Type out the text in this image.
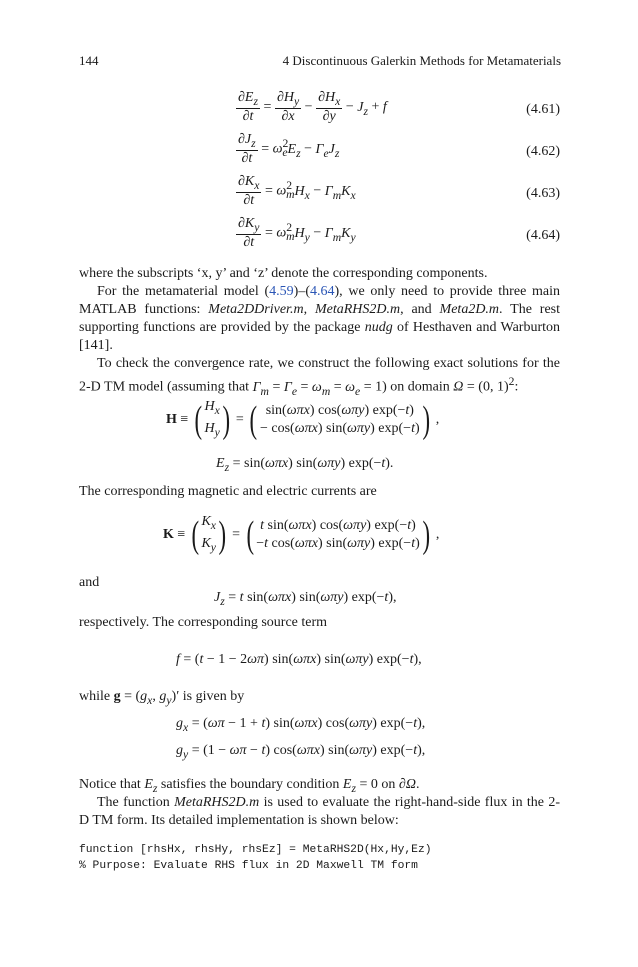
144	4 Discontinuous Galerkin Methods for Metamaterials
$\frac{\partial E_z}{\partial t} = \frac{\partial H_y}{\partial x} - \frac{\partial H_x}{\partial y} - J_z + f$	(4.61)
$\frac{\partial J_z}{\partial t} = \omega^2_eE_z - \Gamma_eJ_z$	(4.62)
$\frac{\partial K_x}{\partial t} = \omega^2_mH_x - \Gamma_mK_x$	(4.63)
$\frac{\partial K_y}{\partial t} = \omega^2_mH_y - \Gamma_mK_y$	(4.64)
where the subscripts ‘x, y’ and ‘z’ denote the corresponding components.
For the metamaterial model (4.59)–(4.64), we only need to provide three main MATLAB functions: Meta2DDriver.m, MetaRHS2D.m, and Meta2D.m. The rest supporting functions are provided by the package nudg of Hesthaven and Warburton [141].
To check the convergence rate, we construct the following exact solutions for the 2-D TM model (assuming that $\Gamma_m = \Gamma_e = \omega_m = \omega_e = 1$) on domain Ω = (0, 1)$^2$:
H ≡ ( $H_x$
$H_y$) = ( sin(ωπx) cos(ωπy) exp(−t)
− cos(ωπx) sin(ωπy) exp(−t)) ,
$E_z = \sin(\omega\pi x)$ sin(ωπy) exp(−t).
The corresponding magnetic and electric currents are
K ≡ ( $K_x$
$K_y$) = ( t sin(ωπx) cos(ωπy) exp(−t)
−t cos(ωπx) sin(ωπy) exp(−t)) ,
and
$J_z = t$ sin(ωπx) sin(ωπy) exp(−t),
respectively. The corresponding source term
f = (t − 1 − 2ωπ) sin(ωπx) sin(ωπy) exp(−t),
while $g = (g_x$, $g_y)'$ is given by
$g_x = (\omega\pi - 1 + t)$ sin(ωπx) cos(ωπy) exp(−t),
$g_y = (1 - \omega\pi - t)$ cos(ωπx) sin(ωπy) exp(−t),
Notice that $E_z$ satisfies the boundary condition $E_z = 0$ on ∂Ω.
The function MetaRHS2D.m is used to evaluate the right-hand-side flux in the 2-D TM form. Its detailed implementation is shown below:
function [rhsHx, rhsHy, rhsEz] = MetaRHS2D(Hx,Hy,Ez)
% Purpose: Evaluate RHS flux in 2D Maxwell TM form
